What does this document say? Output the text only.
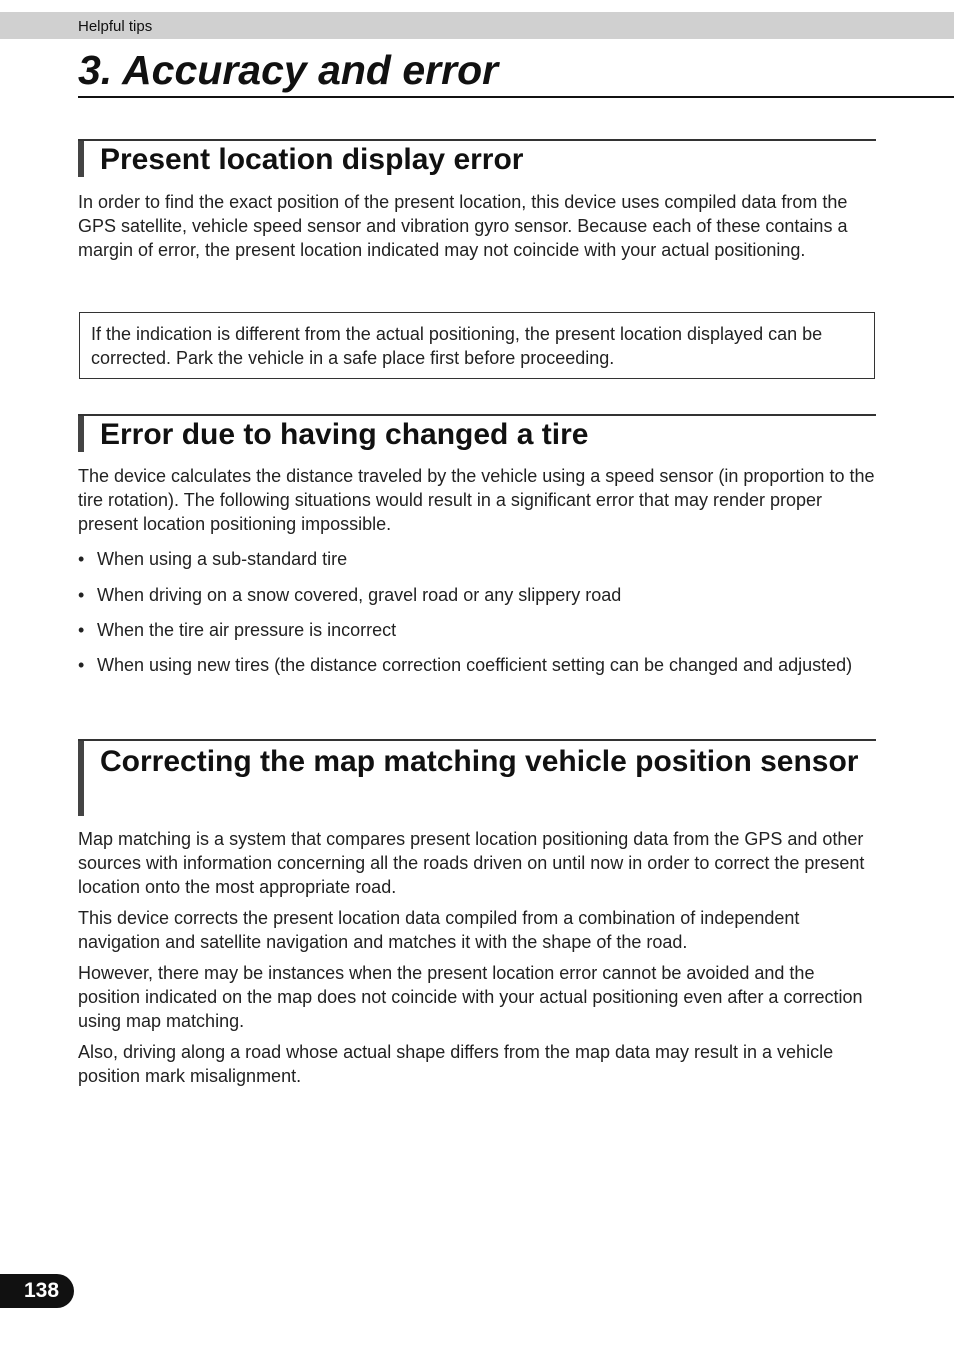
Helpful tips
3. Accuracy and error
Present location display error

In order to find the exact position of the present location, this device uses compiled data from the GPS satellite, vehicle speed sensor and vibration gyro sensor. Because each of these contains a margin of error, the present location indicated may not coincide with your actual positioning.

If the indication is different from the actual positioning, the present location displayed can be corrected. Park the vehicle in a safe place first before proceeding.
Error due to having changed a tire

The device calculates the distance traveled by the vehicle using a speed sensor (in proportion to the tire rotation). The following situations would result in a significant error that may render proper present location positioning impossible.

• When using a sub-standard tire
• When driving on a snow covered, gravel road or any slippery road
• When the tire air pressure is incorrect
• When using new tires (the distance correction coefficient setting can be changed and adjusted)
Correcting the map matching vehicle position sensor

Map matching is a system that compares present location positioning data from the GPS and other sources with information concerning all the roads driven on until now in order to correct the present location onto the most appropriate road.

This device corrects the present location data compiled from a combination of independent navigation and satellite navigation and matches it with the shape of the road.

However, there may be instances when the present location error cannot be avoided and the position indicated on the map does not coincide with your actual positioning even after a correction using map matching.

Also, driving along a road whose actual shape differs from the map data may result in a vehicle position mark misalignment.

138
